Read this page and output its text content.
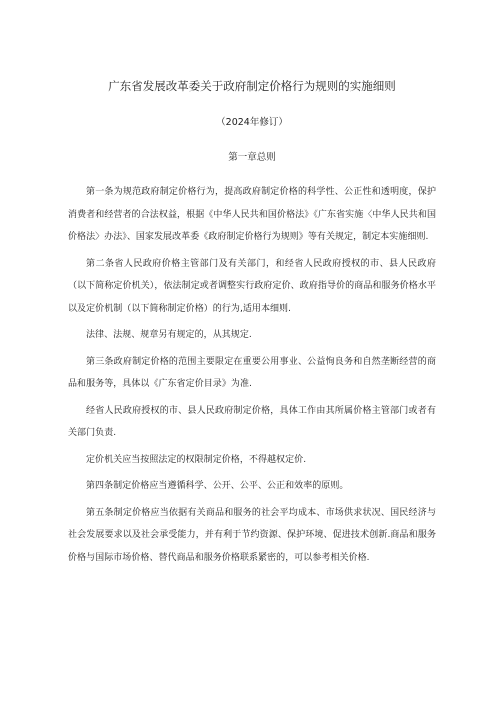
广东省发展改革委关于政府制定价格行为规则的实施细则
（2024年修订）
第一章总则

第一条为规范政府制定价格行为，提高政府制定价格的科学性、公正性和透明度，保护消费者和经营者的合法权益，根据《中华人民共和国价格法》《广东省实施〈中华人民共和国价格法〉办法》、国家发展改革委《政府制定价格行为规则》等有关规定，制定本实施细则.

第二条省人民政府价格主管部门及有关部门，和经省人民政府授权的市、县人民政府（以下简称定价机关），依法制定或者调整实行政府定价、政府指导价的商品和服务价格水平以及定价机制（以下简称制定价格）的行为,适用本细则.

法律、法规、规章另有规定的，从其规定.

第三条政府制定价格的范围主要限定在重要公用事业、公益恂良务和自然垄断经营的商品和服务等，具体以《广东省定价目录》为准.

经省人民政府授权的市、县人民政府制定价格，具体工作由其所属价格主管部门或者有关部门负责.

定价机关应当按照法定的权限制定价格，不得越权定价.

第四条制定价格应当遵循科学、公开、公平、公正和效率的原则。

第五条制定价格应当依据有关商品和服务的社会平均成本、市场供求状况、国民经济与社会发展要求以及社会承受能力，并有利于节约资源、保护环境、促进技术创新.商品和服务价格与国际市场价格、替代商品和服务价格联系紧密的，可以参考相关价格.
